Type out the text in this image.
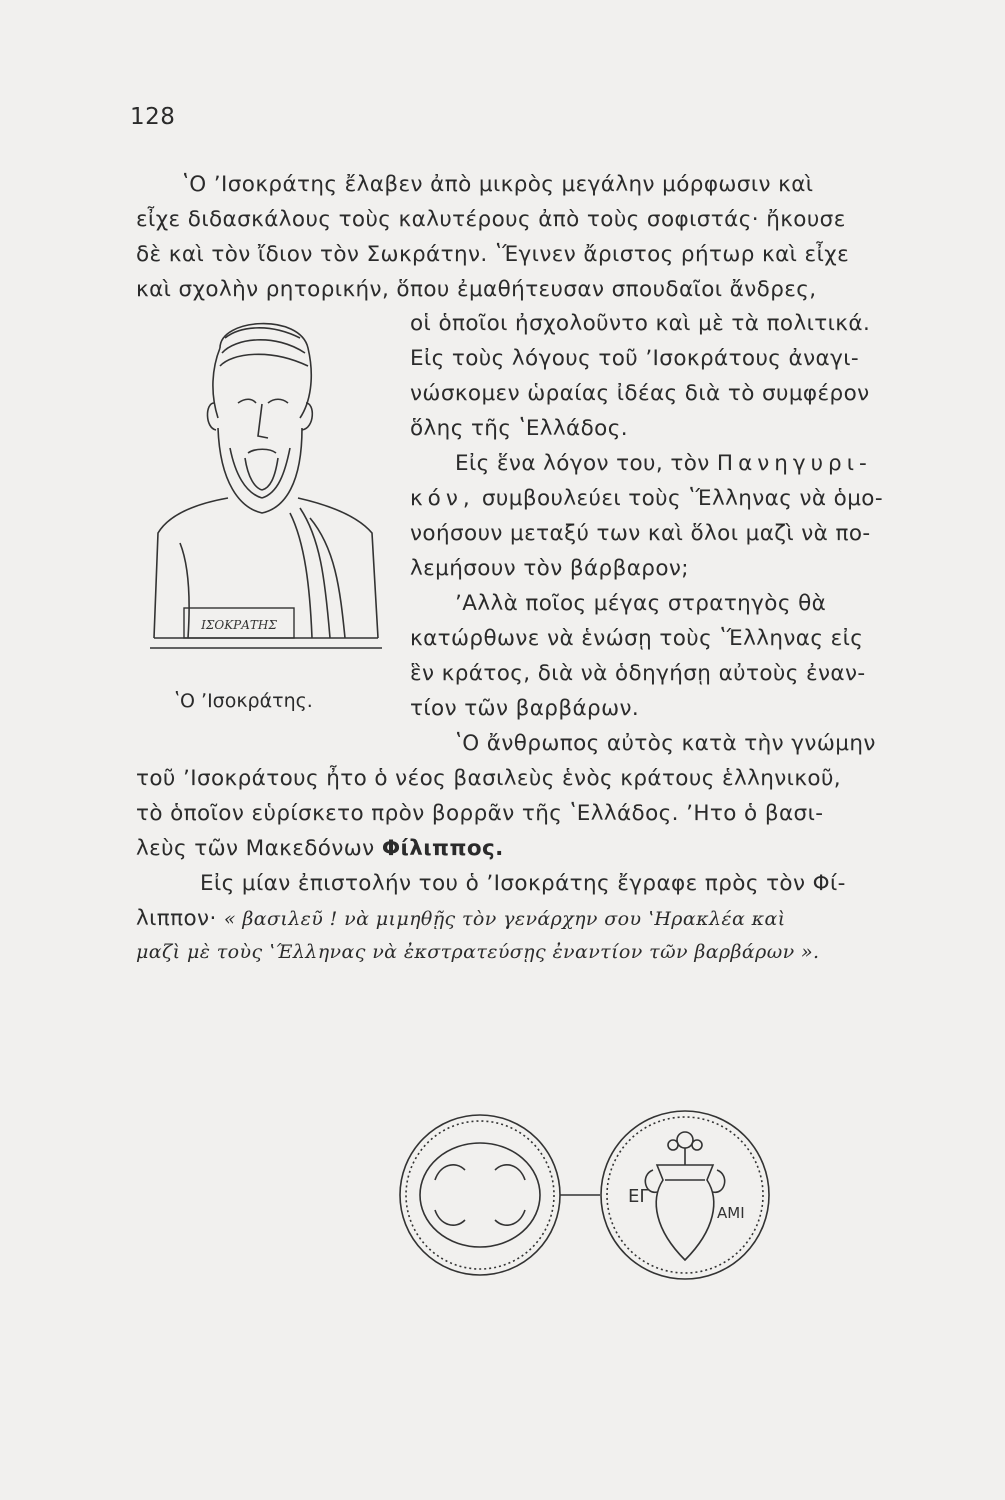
128
ʽΟ ʼΙσοκράτης ἔλαβεν ἀπὸ μικρὸς μεγάλην μόρφωσιν καὶ
εἶχε διδασκάλους τοὺς καλυτέρους ἀπὸ τοὺς σοφιστάς· ἤκουσε
δὲ καὶ τὸν ἴδιον τὸν Σωκράτην. ʽΈγινεν ἄριστος ρήτωρ καὶ εἶχε
καὶ σχολὴν ρητορικήν, ὅπου ἐμαθήτευσαν σπουδαῖοι ἄνδρες,
οἱ ὁποῖοι ἠσχολοῦντο καὶ μὲ τὰ πολιτικά.
Εἰς τοὺς λόγους τοῦ ʼΙσοκράτους ἀναγι-
νώσκομεν ὡραίας ἰδέας διὰ τὸ συμφέρον
ὅλης τῆς ʽΕλλάδος.
Εἰς ἕνα λόγον του, τὸν Πανηγυρι-
κόν, συμβουλεύει τοὺς ʽΈλληνας νὰ ὁμο-
νοήσουν μεταξύ των καὶ ὅλοι μαζὶ νὰ πο-
λεμήσουν τὸν βάρβαρον;
ʼΑλλὰ ποῖος μέγας στρατηγὸς θὰ
κατώρθωνε νὰ ἑνώσῃ τοὺς ʽΈλληνας εἰς
ἓν κράτος, διὰ νὰ ὁδηγήσῃ αὐτοὺς ἐναν-
τίον τῶν βαρβάρων.
ʽΟ ἄνθρωπος αὐτὸς κατὰ τὴν γνώμην
τοῦ ʼΙσοκράτους ἦτο ὁ νέος βασιλεὺς ἑνὸς κράτους ἑλληνικοῦ,
τὸ ὁποῖον εὑρίσκετο πρὸν βορρᾶν τῆς ʽΕλλάδος. ʼΗτο ὁ βασι-
λεὺς τῶν Μακεδόνων Φίλιππος.
Εἰς μίαν ἐπιστολήν του ὁ ʼΙσοκράτης ἔγραφε πρὸς τὸν Φί-
λιππον· « βασιλεῦ ! νὰ μιμηθῇς τὸν γενάρχην σου ʽΗρακλέα καὶ
μαζὶ μὲ τοὺς ʽΈλληνας νὰ ἐκστρατεύσῃς ἐναντίον τῶν βαρβάρων ».
ΙΣΟΚΡΑΤΗΣ
ʽΟ ʼΙσοκράτης.
ΕΓ
ΑΜΙ
